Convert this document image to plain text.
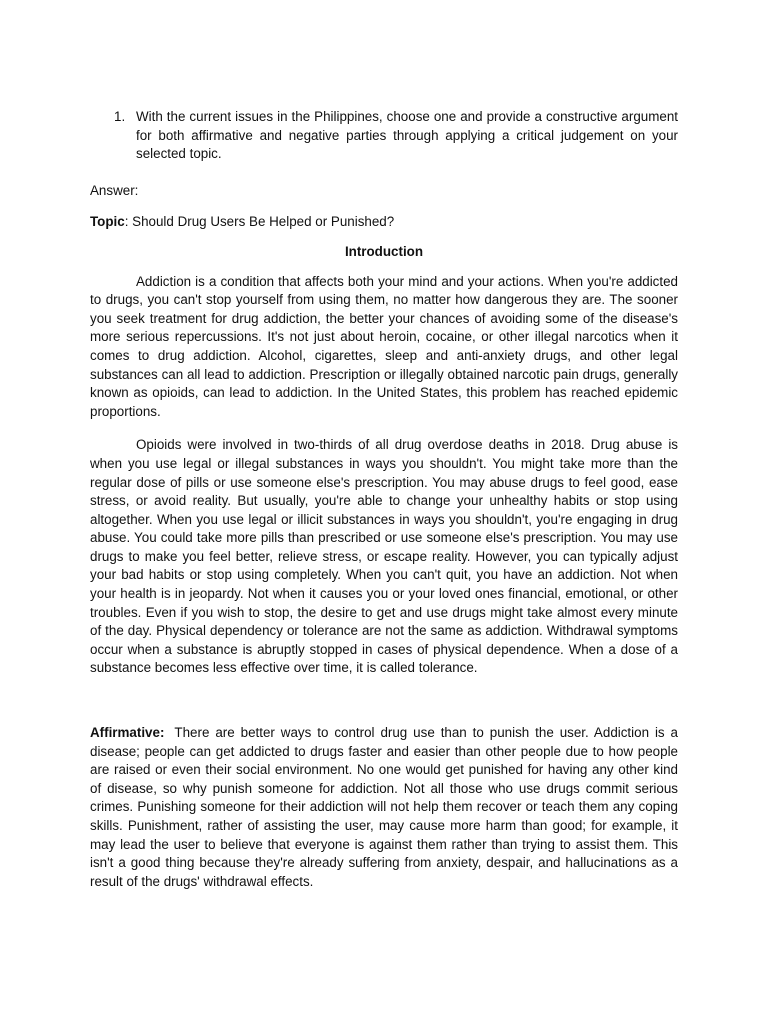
1. With the current issues in the Philippines, choose one and provide a constructive argument for both affirmative and negative parties through applying a critical judgement on your selected topic.
Answer:
Topic: Should Drug Users Be Helped or Punished?
Introduction
Addiction is a condition that affects both your mind and your actions. When you're addicted to drugs, you can't stop yourself from using them, no matter how dangerous they are. The sooner you seek treatment for drug addiction, the better your chances of avoiding some of the disease's more serious repercussions. It's not just about heroin, cocaine, or other illegal narcotics when it comes to drug addiction. Alcohol, cigarettes, sleep and anti-anxiety drugs, and other legal substances can all lead to addiction. Prescription or illegally obtained narcotic pain drugs, generally known as opioids, can lead to addiction. In the United States, this problem has reached epidemic proportions.
Opioids were involved in two-thirds of all drug overdose deaths in 2018. Drug abuse is when you use legal or illegal substances in ways you shouldn't. You might take more than the regular dose of pills or use someone else's prescription. You may abuse drugs to feel good, ease stress, or avoid reality. But usually, you're able to change your unhealthy habits or stop using altogether. When you use legal or illicit substances in ways you shouldn't, you're engaging in drug abuse. You could take more pills than prescribed or use someone else's prescription. You may use drugs to make you feel better, relieve stress, or escape reality. However, you can typically adjust your bad habits or stop using completely. When you can't quit, you have an addiction. Not when your health is in jeopardy. Not when it causes you or your loved ones financial, emotional, or other troubles. Even if you wish to stop, the desire to get and use drugs might take almost every minute of the day. Physical dependency or tolerance are not the same as addiction. Withdrawal symptoms occur when a substance is abruptly stopped in cases of physical dependence. When a dose of a substance becomes less effective over time, it is called tolerance.
Affirmative: There are better ways to control drug use than to punish the user. Addiction is a disease; people can get addicted to drugs faster and easier than other people due to how people are raised or even their social environment. No one would get punished for having any other kind of disease, so why punish someone for addiction. Not all those who use drugs commit serious crimes. Punishing someone for their addiction will not help them recover or teach them any coping skills. Punishment, rather of assisting the user, may cause more harm than good; for example, it may lead the user to believe that everyone is against them rather than trying to assist them. This isn't a good thing because they're already suffering from anxiety, despair, and hallucinations as a result of the drugs' withdrawal effects.
